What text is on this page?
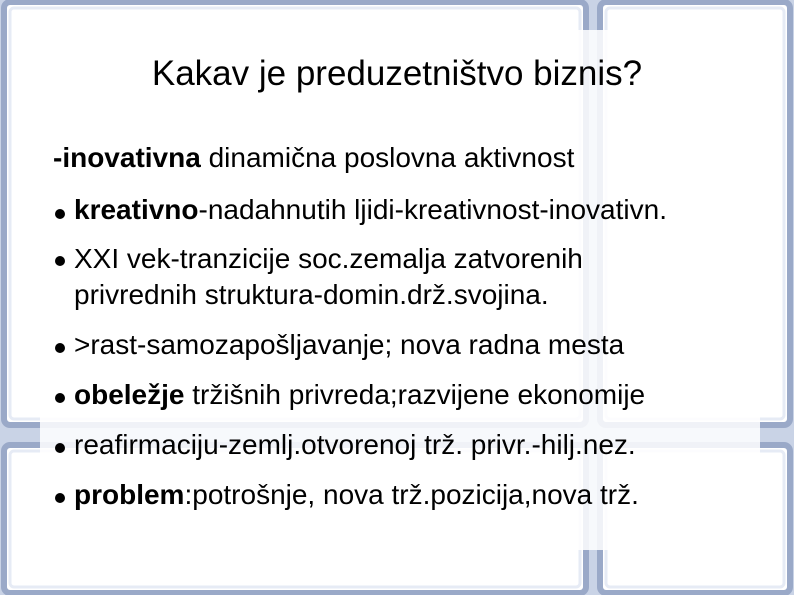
Kakav je preduzetništvo biznis?
-inovativna dinamična poslovna aktivnost
kreativno-nadahnutih ljidi-kreativnost-inovativn.
XXI vek-tranzicije soc.zemalja zatvorenih
privrednih struktura-domin.drž.svojina.
>rast-samozapošljavanje; nova radna mesta
obeležje tržišnih privreda;razvijene ekonomije
reafirmaciju-zemlj.otvorenoj trž. privr.-hilj.nez.
problem:potrošnje, nova trž.pozicija,nova trž.
